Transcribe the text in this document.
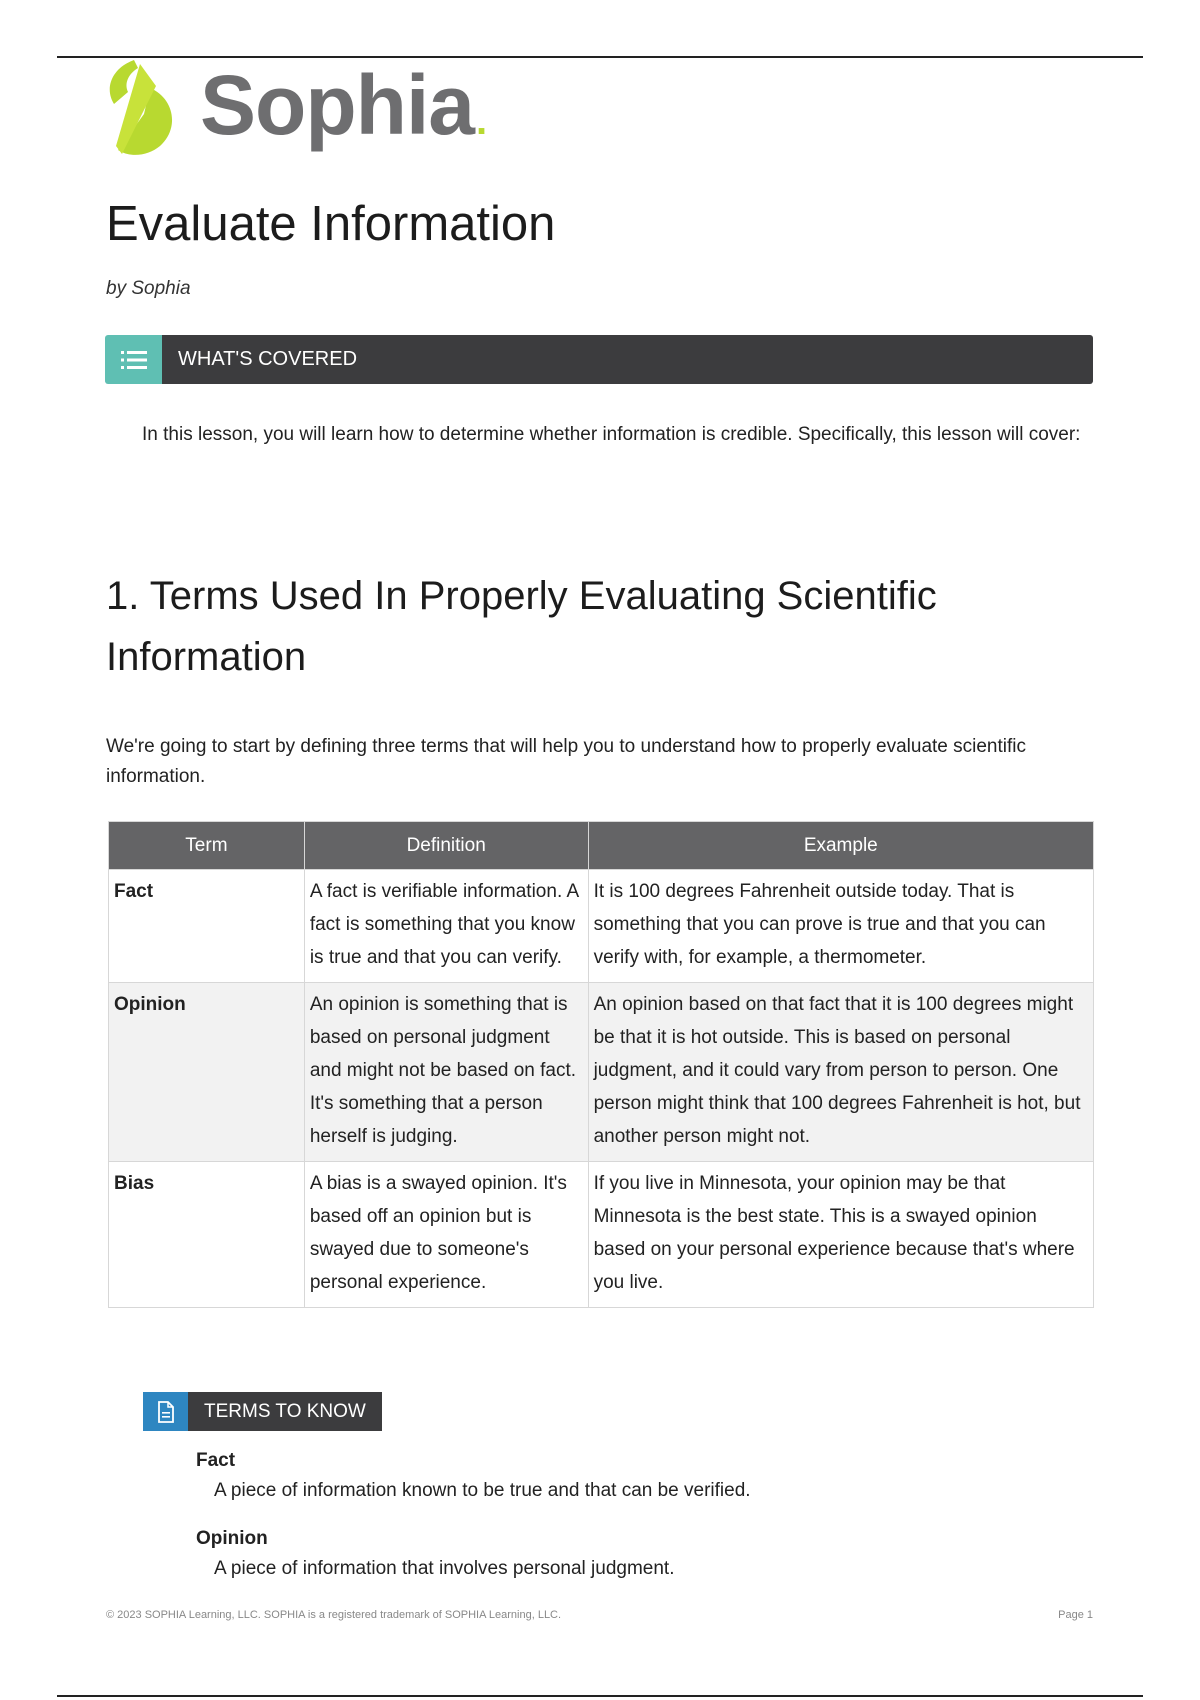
Sophia.
Evaluate Information
by Sophia
WHAT'S COVERED

In this lesson, you will learn how to determine whether information is credible. Specifically, this lesson will cover:

1. Terms Used In Properly Evaluating Scientific Information

We're going to start by defining three terms that will help you to understand how to properly evaluate scientific information.

Term	Definition	Example
Fact	A fact is verifiable information. A fact is something that you know is true and that you can verify.	It is 100 degrees Fahrenheit outside today. That is something that you can prove is true and that you can verify with, for example, a thermometer.
Opinion	An opinion is something that is based on personal judgment and might not be based on fact. It's something that a person herself is judging.	An opinion based on that fact that it is 100 degrees might be that it is hot outside. This is based on personal judgment, and it could vary from person to person. One person might think that 100 degrees Fahrenheit is hot, but another person might not.
Bias	A bias is a swayed opinion. It's based off an opinion but is swayed due to someone's personal experience.	If you live in Minnesota, your opinion may be that Minnesota is the best state. This is a swayed opinion based on your personal experience because that's where you live.
TERMS TO KNOW

Fact

A piece of information known to be true and that can be verified.

Opinion

A piece of information that involves personal judgment.

© 2023 SOPHIA Learning, LLC. SOPHIA is a registered trademark of SOPHIA Learning, LLC.	Page 1
